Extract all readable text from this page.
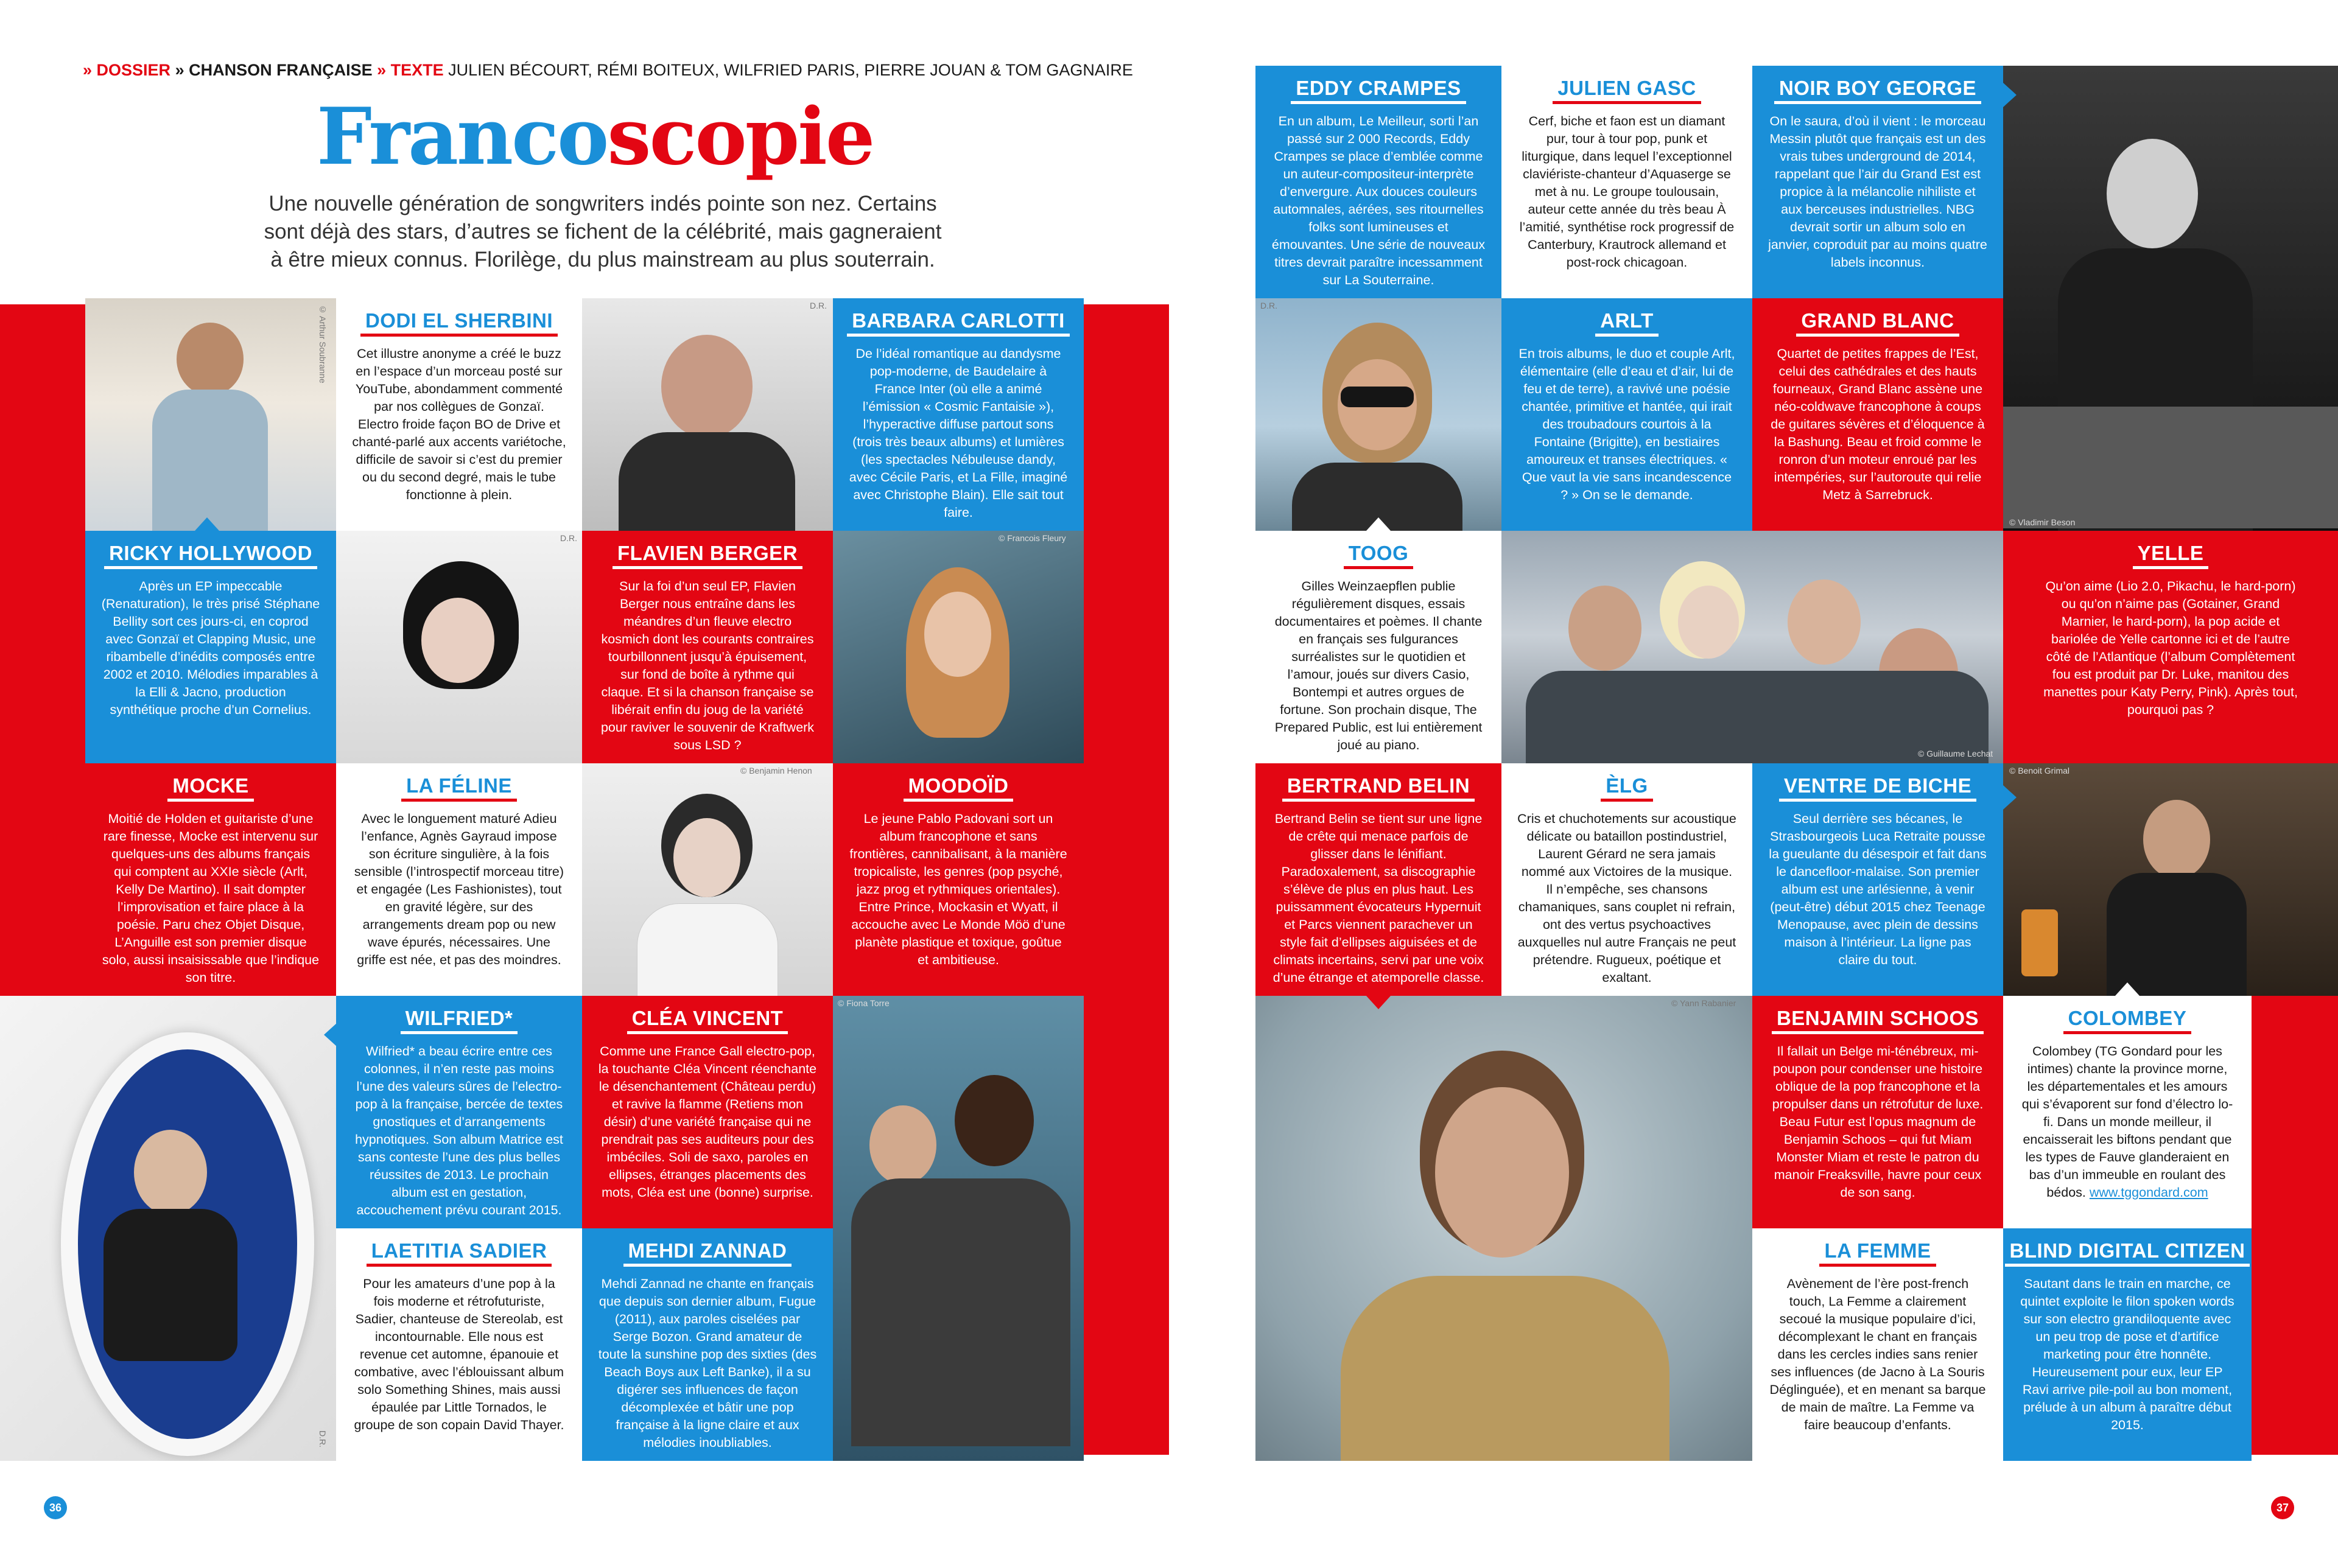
» DOSSIER » CHANSON FRANÇAISE » TEXTE JULIEN BÉCOURT, RÉMI BOITEUX, WILFRIED PARIS, PIERRE JOUAN & TOM GAGNAIRE
Francoscopie
Une nouvelle génération de songwriters indés pointe son nez. Certains sont déjà des stars, d’autres se fichent de la célébrité, mais gagneraient à être mieux connus. Florilège, du plus mainstream au plus souterrain.
© Arthur Soubranne	DODI EL SHERBINI
Cet illustre anonyme a créé le buzz en l’espace d’un morceau posté sur YouTube, abondamment commenté par nos collègues de Gonzaï. Electro froide façon BO de Drive et chanté-parlé aux accents variétoche, difficile de savoir si c’est du premier ou du second degré, mais le tube fonctionne à plein.
D.R.
BARBARA CARLOTTI
De l’idéal romantique au dandysme pop-moderne, de Baudelaire à France Inter (où elle a animé l’émission « Cosmic Fantaisie »), l’hyperactive diffuse partout sons (trois très beaux albums) et lumières (les spectacles Nébuleuse dandy, avec Cécile Paris, et La Fille, imaginé avec Christophe Blain). Elle sait tout faire.
RICKY HOLLYWOOD
Après un EP impeccable (Renaturation), le très prisé Stéphane Bellity sort ces jours-ci, en coprod avec Gonzaï et Clapping Music, une ribambelle d’inédits composés entre 2002 et 2010. Mélodies imparables à la Elli & Jacno, production synthétique proche d’un Cornelius.
D.R.
FLAVIEN BERGER
Sur la foi d’un seul EP, Flavien Berger nous entraîne dans les méandres d’un fleuve electro kosmich dont les courants contraires tourbillonnent jusqu’à épuisement, sur fond de boîte à rythme qui claque. Et si la chanson française se libérait enfin du joug de la variété pour raviver le souvenir de Kraftwerk sous LSD ?
© Francois Fleury
MOCKE
Moitié de Holden et guitariste d’une rare finesse, Mocke est intervenu sur quelques-uns des albums français qui comptent au XXIe siècle (Arlt, Kelly De Martino). Il sait dompter l’improvisation et faire place à la poésie. Paru chez Objet Disque, L’Anguille est son premier disque solo, aussi insaisissable que l’indique son titre.
LA FÉLINE
Avec le longuement maturé Adieu l’enfance, Agnès Gayraud impose son écriture singulière, à la fois sensible (l’introspectif morceau titre) et engagée (Les Fashionistes), tout en gravité légère, sur des arrangements dream pop ou new wave épurés, nécessaires. Une griffe est née, et pas des moindres.
© Benjamin Henon
MOODOÏD
Le jeune Pablo Padovani sort un album francophone et sans frontières, cannibalisant, à la manière tropicaliste, les genres (pop psyché, jazz prog et rythmiques orientales). Entre Prince, Mockasin et Wyatt, il accouche avec Le Monde Möö d’une planète plastique et toxique, goûtue et ambitieuse.
D.R.
WILFRIED*
Wilfried* a beau écrire entre ces colonnes, il n’en reste pas moins l’une des valeurs sûres de l’electro-pop à la française, bercée de textes gnostiques et d’arrangements hypnotiques. Son album Matrice est sans conteste l’une des plus belles réussites de 2013. Le prochain album est en gestation, accouchement prévu courant 2015.
CLÉA VINCENT
Comme une France Gall electro-pop, la touchante Cléa Vincent réenchante le désenchantement (Château perdu) et ravive la flamme (Retiens mon désir) d’une variété française qui ne prendrait pas ses auditeurs pour des imbéciles. Soli de saxo, paroles en ellipses, étranges placements des mots, Cléa est une (bonne) surprise.
© Fiona Torre
LAETITIA SADIER
Pour les amateurs d’une pop à la fois moderne et rétrofuturiste, Sadier, chanteuse de Stereolab, est incontournable. Elle nous est revenue cet automne, épanouie et combative, avec l’éblouissant album solo Something Shines, mais aussi épaulée par Little Tornados, le groupe de son copain David Thayer.
MEHDI ZANNAD
Mehdi Zannad ne chante en français que depuis son dernier album, Fugue (2011), aux paroles ciselées par Serge Bozon. Grand amateur de toute la sunshine pop des sixties (des Beach Boys aux Left Banke), il a su digérer ses influences de façon décomplexée et bâtir une pop française à la ligne claire et aux mélodies inoubliables.
EDDY CRAMPES
En un album, Le Meilleur, sorti l’an passé sur 2 000 Records, Eddy Crampes se place d’emblée comme un auteur-compositeur-interprète d’envergure. Aux douces couleurs automnales, aérées, ses ritournelles folks sont lumineuses et émouvantes. Une série de nouveaux titres devrait paraître incessamment sur La Souterraine.
JULIEN GASC
Cerf, biche et faon est un diamant pur, tour à tour pop, punk et liturgique, dans lequel l’exceptionnel claviériste-chanteur d’Aquaserge se met à nu. Le groupe toulousain, auteur cette année du très beau À l’amitié, synthétise rock progressif de Canterbury, Krautrock allemand et post-rock chicagoan.
NOIR BOY GEORGE
On le saura, d’où il vient : le morceau Messin plutôt que français est un des vrais tubes underground de 2014, rappelant que l’air du Grand Est est propice à la mélancolie nihiliste et aux berceuses industrielles. NBG devrait sortir un album solo en janvier, coproduit par au moins quatre labels inconnus.
© Vladimir Beson
D.R.
ARLT
En trois albums, le duo et couple Arlt, élémentaire (elle d’eau et d’air, lui de feu et de terre), a ravivé une poésie chantée, primitive et hantée, qui irait des troubadours courtois à la Fontaine (Brigitte), en bestiaires amoureux et transes électriques. « Que vaut la vie sans incandescence ? » On se le demande.
GRAND BLANC
Quartet de petites frappes de l’Est, celui des cathédrales et des hauts fourneaux, Grand Blanc assène une néo-coldwave francophone à coups de guitares sévères et d’éloquence à la Bashung. Beau et froid comme le ronron d’un moteur enroué par les intempéries, sur l’autoroute qui relie Metz à Sarrebruck.
TOOG
Gilles Weinzaepflen publie régulièrement disques, essais documentaires et poèmes. Il chante en français ses fulgurances surréalistes sur le quotidien et l’amour, joués sur divers Casio, Bontempi et autres orgues de fortune. Son prochain disque, The Prepared Public, est lui entièrement joué au piano.
© Guillaume Lechat
YELLE
Qu’on aime (Lio 2.0, Pikachu, le hard-porn) ou qu’on n’aime pas (Gotainer, Grand Marnier, le hard-porn), la pop acide et bariolée de Yelle cartonne ici et de l’autre côté de l’Atlantique (l’album Complètement fou est produit par Dr. Luke, manitou des manettes pour Katy Perry, Pink). Après tout, pourquoi pas ?
BERTRAND BELIN
Bertrand Belin se tient sur une ligne de crête qui menace parfois de glisser dans le lénifiant. Paradoxalement, sa discographie s’élève de plus en plus haut. Les puissamment évocateurs Hypernuit et Parcs viennent parachever un style fait d’ellipses aiguisées et de climats incertains, servi par une voix d’une étrange et atemporelle classe.
ÈLG
Cris et chuchotements sur acoustique délicate ou bataillon postindustriel, Laurent Gérard ne sera jamais nommé aux Victoires de la musique. Il n’empêche, ses chansons chamaniques, sans couplet ni refrain, ont des vertus psychoactives auxquelles nul autre Français ne peut prétendre. Rugueux, poétique et exaltant.
VENTRE DE BICHE
Seul derrière ses bécanes, le Strasbourgeois Luca Retraite pousse la gueulante du désespoir et fait dans le dancefloor-malaise. Son premier album est une arlésienne, à venir (peut-être) début 2015 chez Teenage Menopause, avec plein de dessins maison à l’intérieur. La ligne pas claire du tout.
© Benoit Grimal
© Yann Rabanier
BENJAMIN SCHOOS
Il fallait un Belge mi-ténébreux, mi-poupon pour condenser une histoire oblique de la pop francophone et la propulser dans un rétrofutur de luxe. Beau Futur est l’opus magnum de Benjamin Schoos – qui fut Miam Monster Miam et reste le patron du manoir Freaksville, havre pour ceux de son sang.
COLOMBEY
Colombey (TG Gondard pour les intimes) chante la province morne, les départementales et les amours qui s’évaporent sur fond d’électro lo-fi. Dans un monde meilleur, il encaisserait les biftons pendant que les types de Fauve glanderaient en bas d’un immeuble en roulant des bédos. www.tggondard.com
LA FEMME
Avènement de l’ère post-french touch, La Femme a clairement secoué la musique populaire d’ici, décomplexant le chant en français dans les cercles indies sans renier ses influences (de Jacno à La Souris Déglinguée), et en menant sa barque de main de maître. La Femme va faire beaucoup d’enfants.
BLIND DIGITAL CITIZEN
Sautant dans le train en marche, ce quintet exploite le filon spoken words sur son electro grandiloquente avec un peu trop de pose et d’artifice marketing pour être honnête. Heureusement pour eux, leur EP Ravi arrive pile-poil au bon moment, prélude à un album à paraître début 2015.
36	37
